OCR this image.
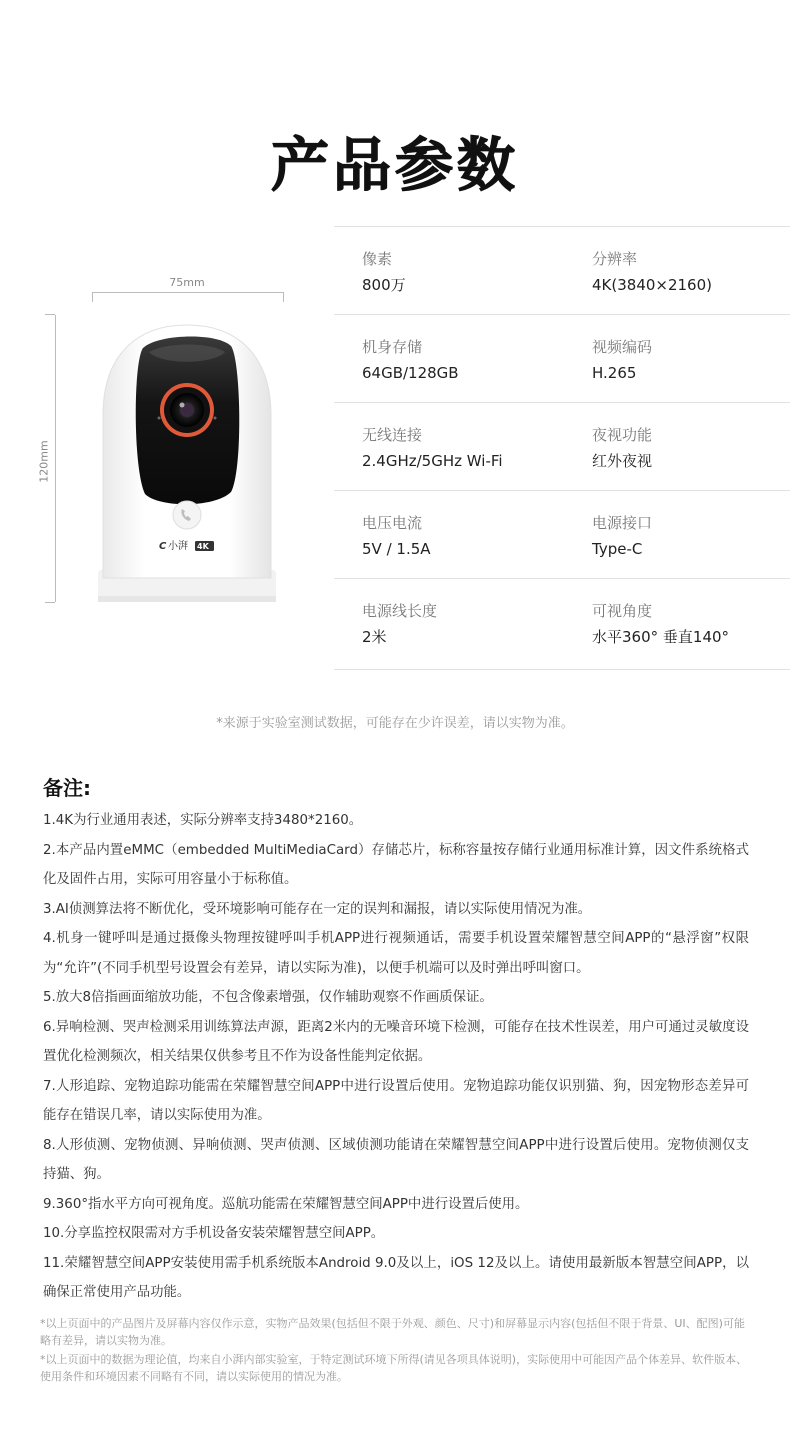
产品参数
75mm
120mm
C 小湃 4K
像素
800万
分辨率
4K(3840×2160)
机身存储
64GB/128GB
视频编码
H.265
无线连接
2.4GHz/5GHz Wi-Fi
夜视功能
红外夜视
电压电流
5V / 1.5A
电源接口
Type-C
电源线长度
2米
可视角度
水平360° 垂直140°
*来源于实验室测试数据，可能存在少许误差，请以实物为准。
备注:
1.4K为行业通用表述，实际分辨率支持3480*2160。
2.本产品内置eMMC（embedded MultiMediaCard）存储芯片，标称容量按存储行业通用标准计算，因文件系统格式化及固件占用，实际可用容量小于标称值。
3.AI侦测算法将不断优化，受环境影响可能存在一定的误判和漏报，请以实际使用情况为准。
4.机身一键呼叫是通过摄像头物理按键呼叫手机APP进行视频通话，需要手机设置荣耀智慧空间APP的“悬浮窗”权限为“允许”(不同手机型号设置会有差异，请以实际为准)，以便手机端可以及时弹出呼叫窗口。
5.放大8倍指画面缩放功能，不包含像素增强，仅作辅助观察不作画质保证。
6.异响检测、哭声检测采用训练算法声源，距离2米内的无噪音环境下检测，可能存在技术性误差，用户可通过灵敏度设置优化检测频次，相关结果仅供参考且不作为设备性能判定依据。
7.人形追踪、宠物追踪功能需在荣耀智慧空间APP中进行设置后使用。宠物追踪功能仅识别猫、狗，因宠物形态差异可能存在错误几率，请以实际使用为准。
8.人形侦测、宠物侦测、异响侦测、哭声侦测、区域侦测功能请在荣耀智慧空间APP中进行设置后使用。宠物侦测仅支持猫、狗。
9.360°指水平方向可视角度。巡航功能需在荣耀智慧空间APP中进行设置后使用。
10.分享监控权限需对方手机设备安装荣耀智慧空间APP。
11.荣耀智慧空间APP安装使用需手机系统版本Android 9.0及以上，iOS 12及以上。请使用最新版本智慧空间APP，以确保正常使用产品功能。
*以上页面中的产品图片及屏幕内容仅作示意，实物产品效果(包括但不限于外观、颜色、尺寸)和屏幕显示内容(包括但不限于背景、UI、配图)可能略有差异，请以实物为准。
*以上页面中的数据为理论值，均来自小湃内部实验室，于特定测试环境下所得(请见各项具体说明)，实际使用中可能因产品个体差异、软件版本、使用条件和环境因素不同略有不同，请以实际使用的情况为准。
